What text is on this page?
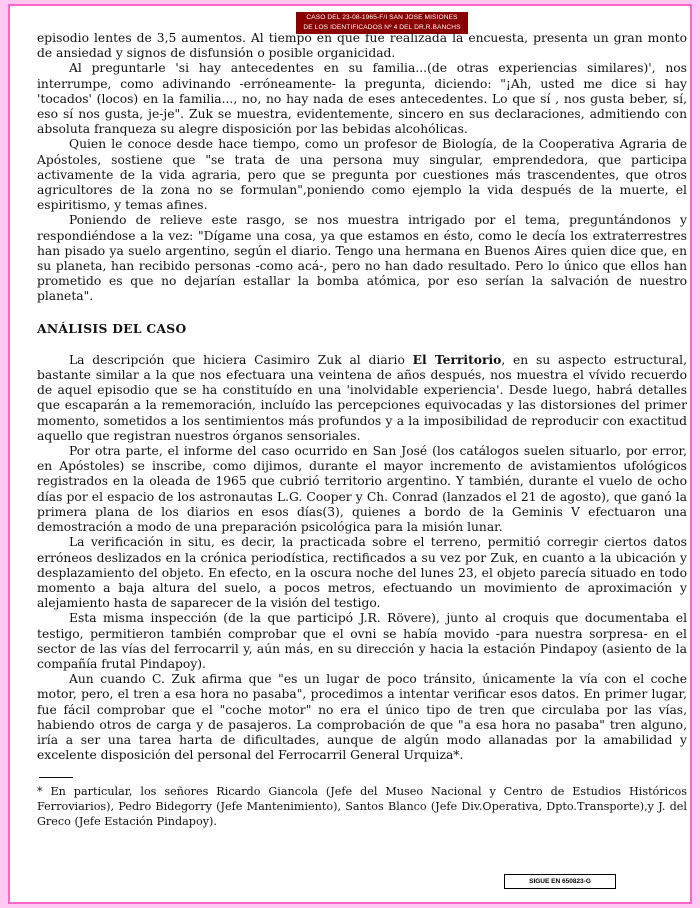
CASO DEL 23-08-1965-F/I SAN JOSE MISIONES
DE LOS IDENTIFICADOS Nº 4 DEL DR.R.BANCHS

episodio lentes de 3,5 aumentos. Al tiempo en que fue realizada la encuesta, presenta un gran monto de ansiedad y signos de disfunsión o posible organicidad.

Al preguntarle 'si hay antecedentes en su familia...(de otras experiencias similares)', nos interrumpe, como adivinando -erróneamente- la pregunta, diciendo: "¡Ah, usted me dice si hay 'tocados' (locos) en la familia..., no, no hay nada de eses antecedentes. Lo que sí , nos gusta beber, sí, eso sí nos gusta, je-je". Zuk se muestra, evidentemente, sincero en sus declaraciones, admitiendo con absoluta franqueza su alegre disposición por las bebidas alcohólicas.

Quien le conoce desde hace tiempo, como un profesor de Biología, de la Cooperativa Agraria de Apóstoles, sostiene que "se trata de una persona muy singular, emprendedora, que participa activamente de la vida agraria, pero que se pregunta por cuestiones más trascendentes, que otros agricultores de la zona no se formulan",poniendo como ejemplo la vida después de la muerte, el espiritismo, y temas afines.

Poniendo de relieve este rasgo, se nos muestra intrigado por el tema, preguntándonos y respondiéndose a la vez: "Dígame una cosa, ya que estamos en ésto, como le decía los extraterrestres han pisado ya suelo argentino, según el diario. Tengo una hermana en Buenos Aires quien dice que, en su planeta, han recibido personas -como acá-, pero no han dado resultado. Pero lo único que ellos han prometido es que no dejarían estallar la bomba atómica, por eso serían la salvación de nuestro planeta".

ANÁLISIS DEL CASO

La descripción que hiciera Casimiro Zuk al diario El Territorio, en su aspecto estructural, bastante similar a la que nos efectuara una veintena de años después, nos muestra el vívido recuerdo de aquel episodio que se ha constituído en una 'inolvidable experiencia'. Desde luego, habrá detalles que escaparán a la rememoración, incluído las percepciones equivocadas y las distorsiones del primer momento, sometidos a los sentimientos más profundos y a la imposibilidad de reproducir con exactitud aquello que registran nuestros órganos sensoriales.

Por otra parte, el informe del caso ocurrido en San José (los catálogos suelen situarlo, por error, en Apóstoles) se inscribe, como dijimos, durante el mayor incremento de avistamientos ufológicos registrados en la oleada de 1965 que cubrió territorio argentino. Y también, durante el vuelo de ocho días por el espacio de los astronautas L.G. Cooper y Ch. Conrad (lanzados el 21 de agosto), que ganó la primera plana de los diarios en esos días(3), quienes a bordo de la Geminis V efectuaron una demostración a modo de una preparación psicológica para la misión lunar.

La verificación in situ, es decir, la practicada sobre el terreno, permitió corregir ciertos datos erróneos deslizados en la crónica periodística, rectificados a su vez por Zuk, en cuanto a la ubicación y desplazamiento del objeto. En efecto, en la oscura noche del lunes 23, el objeto parecía situado en todo momento a baja altura del suelo, a pocos metros, efectuando un movimiento de aproximación y alejamiento hasta de saparecer de la visión del testigo.

Esta misma inspección (de la que participó J.R. Rövere), junto al croquis que documentaba el testigo, permitieron también comprobar que el ovni se había movido -para nuestra sorpresa- en el sector de las vías del ferrocarril y, aún más, en su dirección y hacia la estación Pindapoy (asiento de la compañía frutal Pindapoy).

Aun cuando C. Zuk afirma que "es un lugar de poco tránsito, únicamente la vía con el coche motor, pero, el tren a esa hora no pasaba", procedimos a intentar verificar esos datos. En primer lugar, fue fácil comprobar que el "coche motor" no era el único tipo de tren que circulaba por las vías, habiendo otros de carga y de pasajeros. La comprobación de que "a esa hora no pasaba" tren alguno, iría a ser una tarea harta de dificultades, aunque de algún modo allanadas por la amabilidad y excelente disposición del personal del Ferrocarril General Urquiza*.

* En particular, los señores Ricardo Giancola (Jefe del Museo Nacional y Centro de Estudios Históricos Ferroviarios), Pedro Bidegorry (Jefe Mantenimiento), Santos Blanco (Jefe Div.Operativa, Dpto.Transporte),y J. del Greco (Jefe Estación Pindapoy).

SIGUE EN 650823-G
